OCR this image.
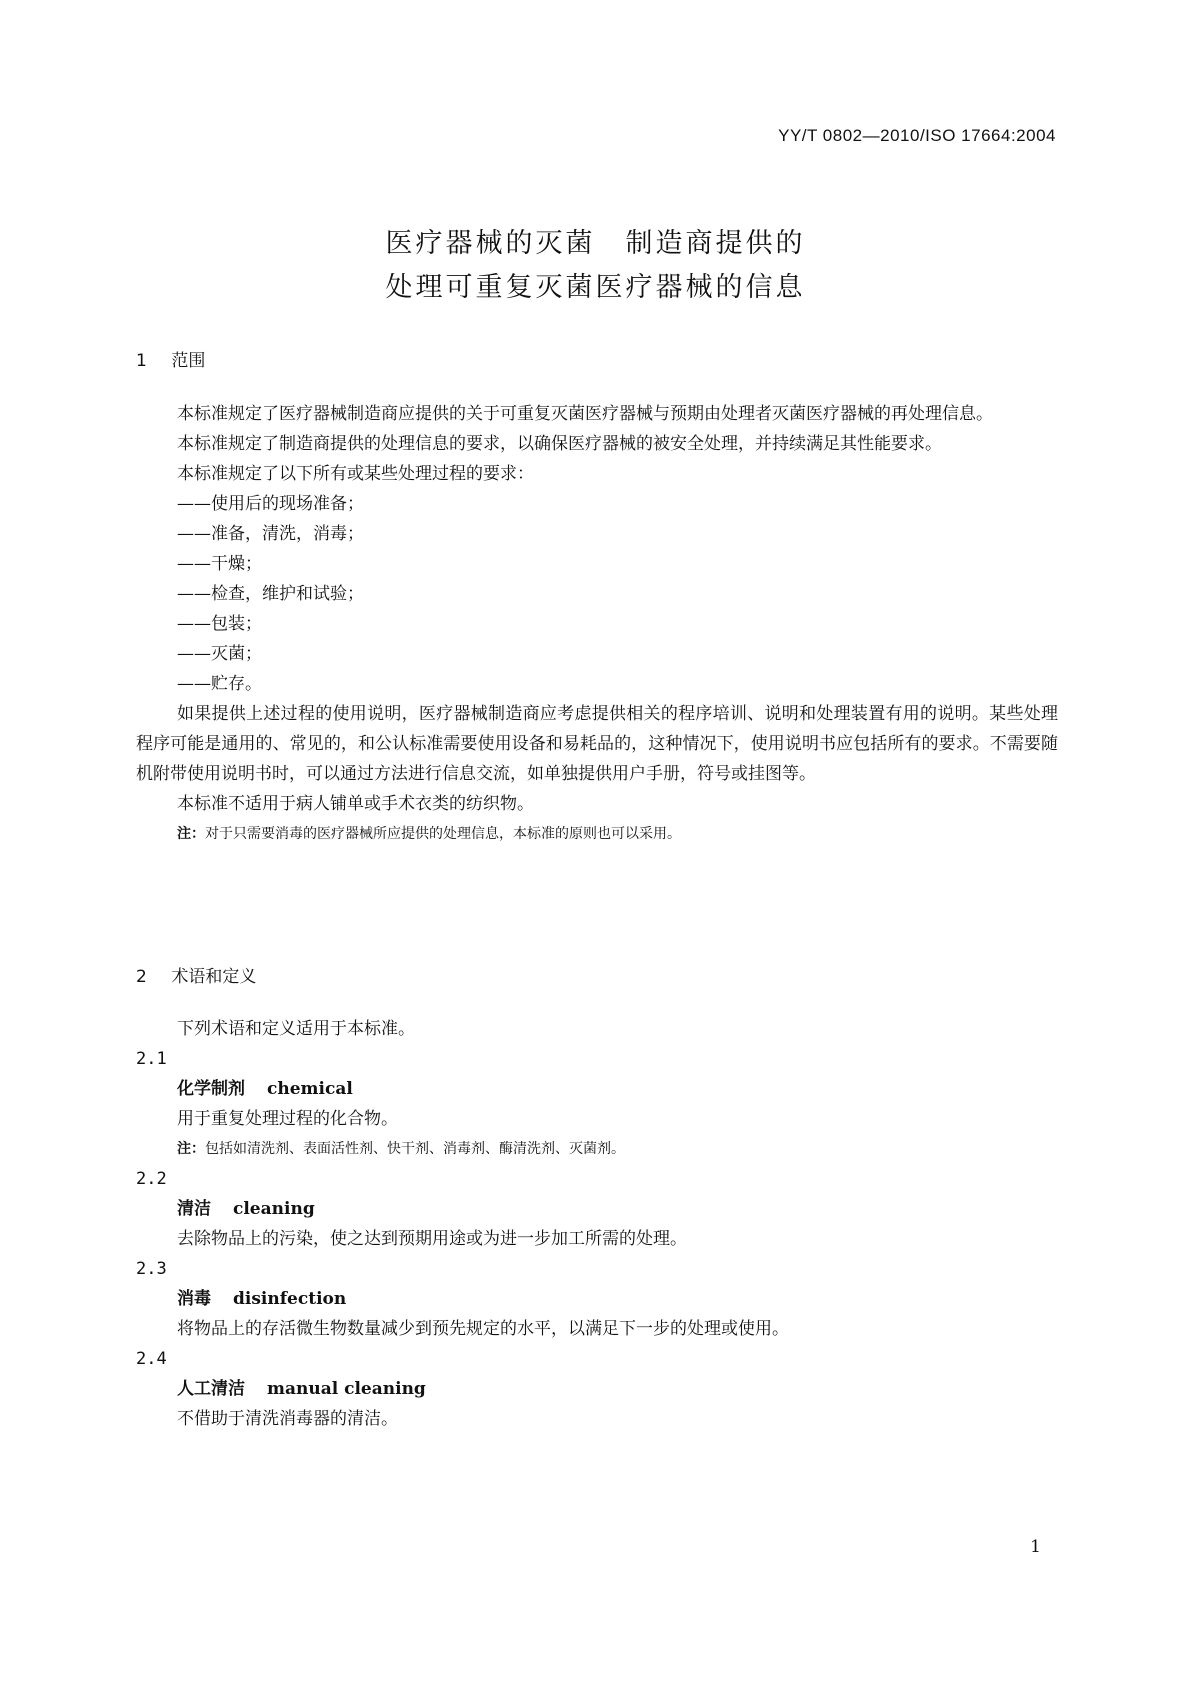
YY/T 0802—2010/ISO 17664:2004
医疗器械的灭菌　制造商提供的
处理可重复灭菌医疗器械的信息
1 范围

本标准规定了医疗器械制造商应提供的关于可重复灭菌医疗器械与预期由处理者灭菌医疗器械的再处理信息。

本标准规定了制造商提供的处理信息的要求，以确保医疗器械的被安全处理，并持续满足其性能要求。

本标准规定了以下所有或某些处理过程的要求：

——使用后的现场准备；
——准备，清洗，消毒；
——干燥；
——检查，维护和试验；
——包装；
——灭菌；
——贮存。

如果提供上述过程的使用说明，医疗器械制造商应考虑提供相关的程序培训、说明和处理装置有用的说明。某些处理程序可能是通用的、常见的，和公认标准需要使用设备和易耗品的，这种情况下，使用说明书应包括所有的要求。不需要随机附带使用说明书时，可以通过方法进行信息交流，如单独提供用户手册，符号或挂图等。

本标准不适用于病人铺单或手术衣类的纺织物。

注：对于只需要消毒的医疗器械所应提供的处理信息，本标准的原则也可以采用。
2 术语和定义

下列术语和定义适用于本标准。

2.1
化学制剂 chemical
用于重复处理过程的化合物。
注：包括如清洗剂、表面活性剂、快干剂、消毒剂、酶清洗剂、灭菌剂。
2.2
清洁 cleaning
去除物品上的污染，使之达到预期用途或为进一步加工所需的处理。
2.3
消毒 disinfection
将物品上的存活微生物数量减少到预先规定的水平，以满足下一步的处理或使用。
2.4
人工清洁 manual cleaning
不借助于清洗消毒器的清洁。
1
